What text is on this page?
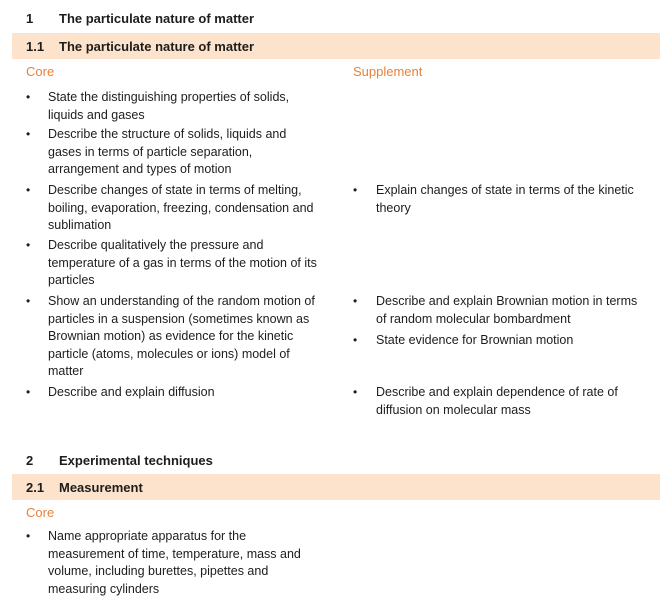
1 The particulate nature of matter
1.1 The particulate nature of matter
Core	Supplement
• State the distinguishing properties of solids, liquids and gases
• Describe the structure of solids, liquids and gases in terms of particle separation, arrangement and types of motion
• Describe changes of state in terms of melting, boiling, evaporation, freezing, condensation and sublimation
• Describe qualitatively the pressure and temperature of a gas in terms of the motion of its particles
• Show an understanding of the random motion of particles in a suspension (sometimes known as Brownian motion) as evidence for the kinetic particle (atoms, molecules or ions) model of matter
• Describe and explain diffusion
• Explain changes of state in terms of the kinetic theory
• Describe and explain Brownian motion in terms of random molecular bombardment
• State evidence for Brownian motion
• Describe and explain dependence of rate of diffusion on molecular mass
2 Experimental techniques
2.1 Measurement
Core
• Name appropriate apparatus for the measurement of time, temperature, mass and volume, including burettes, pipettes and measuring cylinders
